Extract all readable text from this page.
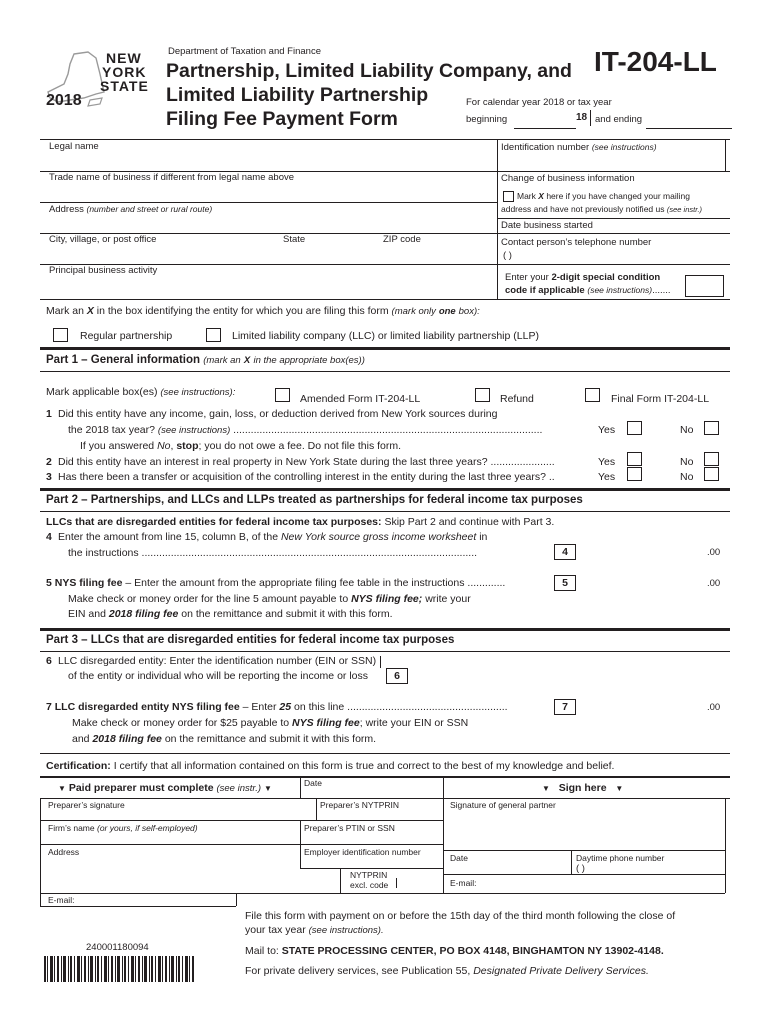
NEW
YORK
STATE
2018
Department of Taxation and Finance
Partnership, Limited Liability Company, and
Limited Liability Partnership
Filing Fee Payment Form
IT-204-LL
For calendar year 2018 or tax year
beginning	18 and ending
Legal name	Identification number (see instructions)
Trade name of business if different from legal name above	Change of business information
Mark X here if you have changed your mailing
address and have not previously notified us (see instr.)
Address (number and street or rural route)
Date business started
City, village, or post office	State	ZIP code	Contact person’s telephone number
( )
Principal business activity
Enter your 2-digit special condition
code if applicable (see instructions).......
Mark an X in the box identifying the entity for which you are filing this form (mark only one box):
Regular partnership	Limited liability company (LLC) or limited liability partnership (LLP)
Part 1 – General information (mark an X in the appropriate box(es))
Mark applicable box(es) (see instructions):
Amended Form IT-204-LL	Refund	Final Form IT-204-LL
1 Did this entity have any income, gain, loss, or deduction derived from New York sources during
the 2018 tax year? (see instructions) ..........................................................................................................	Yes	No
If you answered No, stop; you do not owe a fee. Do not file this form.
2 Did this entity have an interest in real property in New York State during the last three years? ......................	Yes	No
3 Has there been a transfer or acquisition of the controlling interest in the entity during the last three years? ..	Yes	No
Part 2 – Partnerships, and LLCs and LLPs treated as partnerships for federal income tax purposes
LLCs that are disregarded entities for federal income tax purposes: Skip Part 2 and continue with Part 3.
4 Enter the amount from line 15, column B, of the New York source gross income worksheet in
the instructions ...................................................................................................................	4	.00
5 NYS filing fee – Enter the amount from the appropriate filing fee table in the instructions .............	5	.00
Make check or money order for the line 5 amount payable to NYS filing fee; write your
EIN and 2018 filing fee on the remittance and submit it with this form.
Part 3 – LLCs that are disregarded entities for federal income tax purposes
6 LLC disregarded entity: Enter the identification number (EIN or SSN)
of the entity or individual who will be reporting the income or loss	6
7 LLC disregarded entity NYS filing fee – Enter 25 on this line .......................................................	7	.00
Make check or money order for $25 payable to NYS filing fee; write your EIN or SSN
and 2018 filing fee on the remittance and submit it with this form.
Certification: I certify that all information contained on this form is true and correct to the best of my knowledge and belief.
▼ Paid preparer must complete (see instr.) ▼
Date
▼ Sign here ▼
Preparer’s signature	Preparer’s NYTPRIN	Signature of general partner
Firm’s name (or yours, if self-employed)	Preparer’s PTIN or SSN
Address	Employer identification number
Date	Daytime phone number
( )
NYTPRIN
excl. code	E-mail:
E-mail:
File this form with payment on or before the 15th day of the third month following the close of
your tax year (see instructions).
Mail to: STATE PROCESSING CENTER, PO BOX 4148, BINGHAMTON NY 13902-4148.
For private delivery services, see Publication 55, Designated Private Delivery Services.
240001180094
